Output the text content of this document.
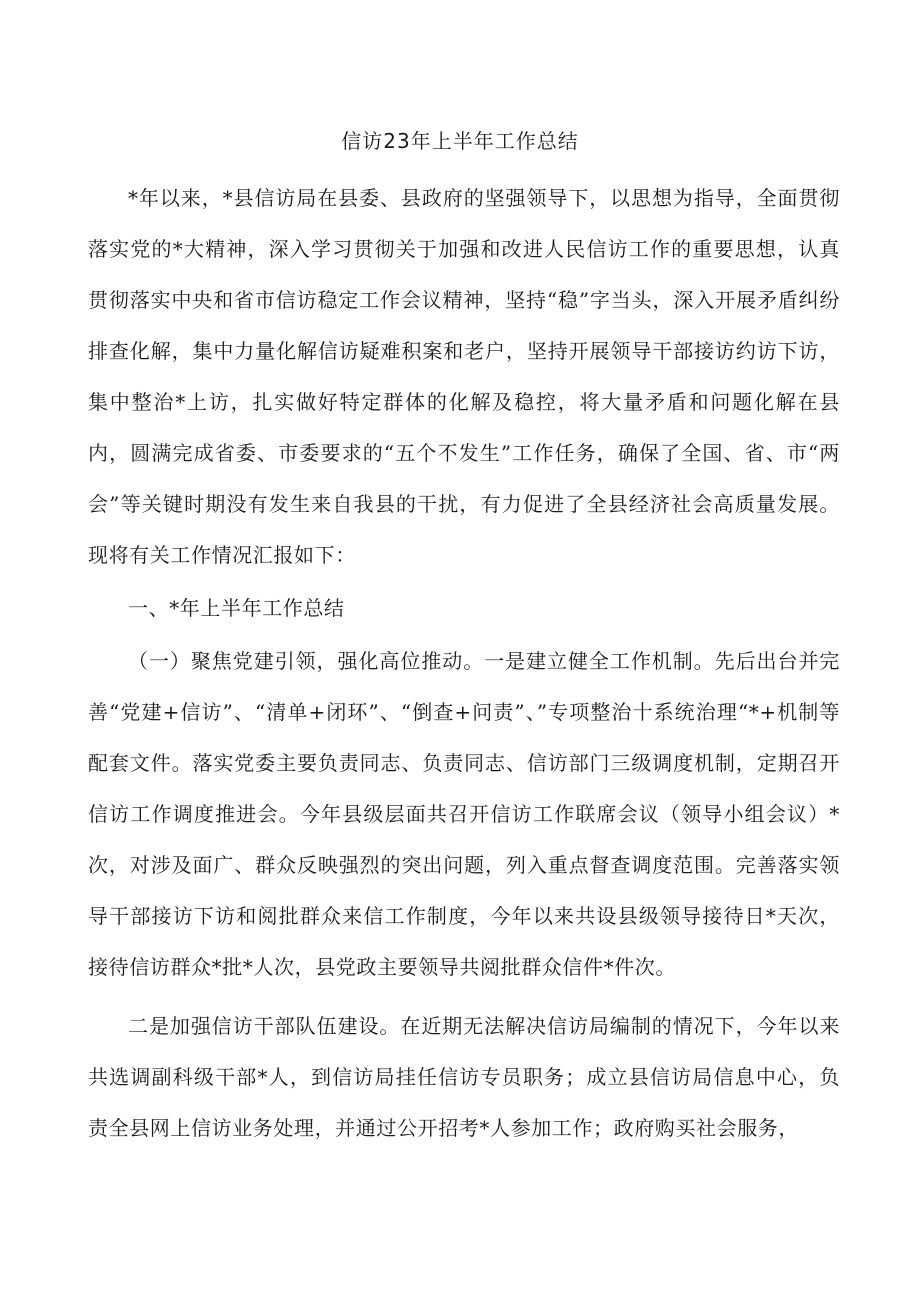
信访23年上半年工作总结

*年以来，*县信访局在县委、县政府的坚强领导下，以思想为指导，全面贯彻落实党的*大精神，深入学习贯彻关于加强和改进人民信访工作的重要思想，认真贯彻落实中央和省市信访稳定工作会议精神，坚持“稳”字当头，深入开展矛盾纠纷排查化解，集中力量化解信访疑难积案和老户，坚持开展领导干部接访约访下访，集中整治*上访，扎实做好特定群体的化解及稳控，将大量矛盾和问题化解在县内，圆满完成省委、市委要求的“五个不发生”工作任务，确保了全国、省、市“两会”等关键时期没有发生来自我县的干扰，有力促进了全县经济社会高质量发展。现将有关工作情况汇报如下：

一、*年上半年工作总结

（一）聚焦党建引领，强化高位推动。一是建立健全工作机制。先后出台并完善“党建+信访”、“清单+闭环”、“倒查+问责”、”专项整治十系统治理“*+机制等配套文件。落实党委主要负责同志、负责同志、信访部门三级调度机制，定期召开信访工作调度推进会。今年县级层面共召开信访工作联席会议（领导小组会议）*次，对涉及面广、群众反映强烈的突出问题，列入重点督查调度范围。完善落实领导干部接访下访和阅批群众来信工作制度，今年以来共设县级领导接待日*天次，接待信访群众*批*人次，县党政主要领导共阅批群众信件*件次。

二是加强信访干部队伍建设。在近期无法解决信访局编制的情况下，今年以来共选调副科级干部*人，到信访局挂任信访专员职务；成立县信访局信息中心，负责全县网上信访业务处理，并通过公开招考*人参加工作；政府购买社会服务，
